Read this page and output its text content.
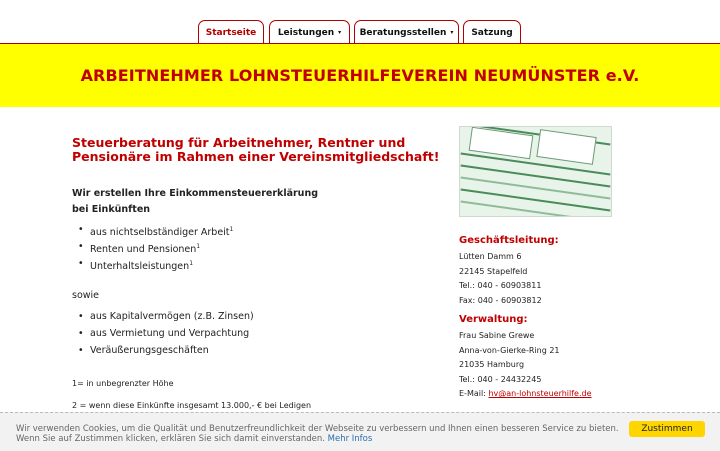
Startseite Leistungen ▾ Beratungsstellen ▾ Satzung
ARBEITNEHMER LOHNSTEUERHILFEVEREIN NEUMÜNSTER e.V.

Steuerberatung für Arbeitnehmer, Rentner und

Pensionäre im Rahmen einer Vereinsmitgliedschaft!

Wir erstellen Ihre Einkommensteuererklärung

bei Einkünften

• aus nichtselbständiger Arbeit$^1$
• Renten und Pensionen$^1$
• Unterhaltsleistungen$^1$

sowie

• aus Kapitalvermögen (z.B. Zinsen)
• aus Vermietung und Verpachtung
• Veräußerungsgeschäften

1= in unbegrenzter Höhe

2 = wenn diese Einkünfte insgesamt 13.000,- € bei Ledigen

Geschäftsleitung:

Lütten Damm 6

22145 Stapelfeld

Tel.: 040 - 60903811

Fax: 040 - 60903812

Verwaltung:

Frau Sabine Grewe

Anna-von-Gierke-Ring 21

21035 Hamburg

Tel.: 040 - 24432245

E-Mail: hv@an-lohnsteuerhilfe.de

Wir verwenden Cookies, um die Qualität und Benutzerfreundlichkeit der Webseite zu verbessern und Ihnen einen besseren Service zu bieten.
Wenn Sie auf Zustimmen klicken, erklären Sie sich damit einverstanden. Mehr Infos

Zustimmen
